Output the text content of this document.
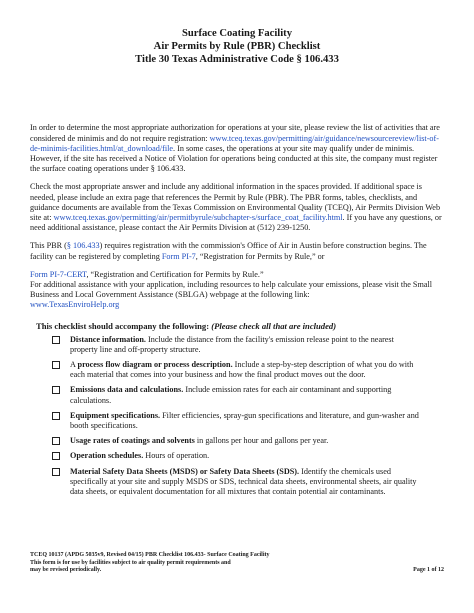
Surface Coating Facility
Air Permits by Rule (PBR) Checklist
Title 30 Texas Administrative Code § 106.433

In order to determine the most appropriate authorization for operations at your site, please review the list of activities that are considered de minimis and do not require registration: www.tceq.texas.gov/permitting/air/guidance/newsourcereview/list-of-de-minimis-facilities.html/at_download/file. In some cases, the operations at your site may qualify under de minimis. However, if the site has received a Notice of Violation for operations being conducted at this site, the company must register the surface coating operations under § 106.433.

Check the most appropriate answer and include any additional information in the spaces provided. If additional space is needed, please include an extra page that references the Permit by Rule (PBR). The PBR forms, tables, checklists, and guidance documents are available from the Texas Commission on Environmental Quality (TCEQ), Air Permits Division Web site at: www.tceq.texas.gov/permitting/air/permitbyrule/subchapter-s/surface_coat_facility.html. If you have any questions, or need additional assistance, please contact the Air Permits Division at (512) 239-1250.

This PBR (§ 106.433) requires registration with the commission's Office of Air in Austin before construction begins. The facility can be registered by completing Form PI-7, “Registration for Permits by Rule,” or

Form PI-7-CERT, “Registration and Certification for Permits by Rule.”
For additional assistance with your application, including resources to help calculate your emissions, please visit the Small Business and Local Government Assistance (SBLGA) webpage at the following link:
www.TexasEnviroHelp.org

This checklist should accompany the following: (Please check all that are included)
Distance information. Include the distance from the facility's emission release point to the nearest property line and off-property structure.
A process flow diagram or process description. Include a step-by-step description of what you do with each material that comes into your business and how the final product moves out the door.
Emissions data and calculations. Include emission rates for each air contaminant and supporting calculations.
Equipment specifications. Filter efficiencies, spray-gun specifications and literature, and gun-washer and booth specifications.
Usage rates of coatings and solvents in gallons per hour and gallons per year.
Operation schedules. Hours of operation.
Material Safety Data Sheets (MSDS) or Safety Data Sheets (SDS). Identify the chemicals used specifically at your site and supply MSDS or SDS, technical data sheets, environmental sheets, air quality data sheets, or equivalent documentation for all mixtures that contain potential air contaminants.
TCEQ 10137 (APDG 5035v9, Revised 04/15) PBR Checklist 106.433- Surface Coating Facility
This form is for use by facilities subject to air quality permit requirements and
may be revised periodically.	Page 1 of 12
